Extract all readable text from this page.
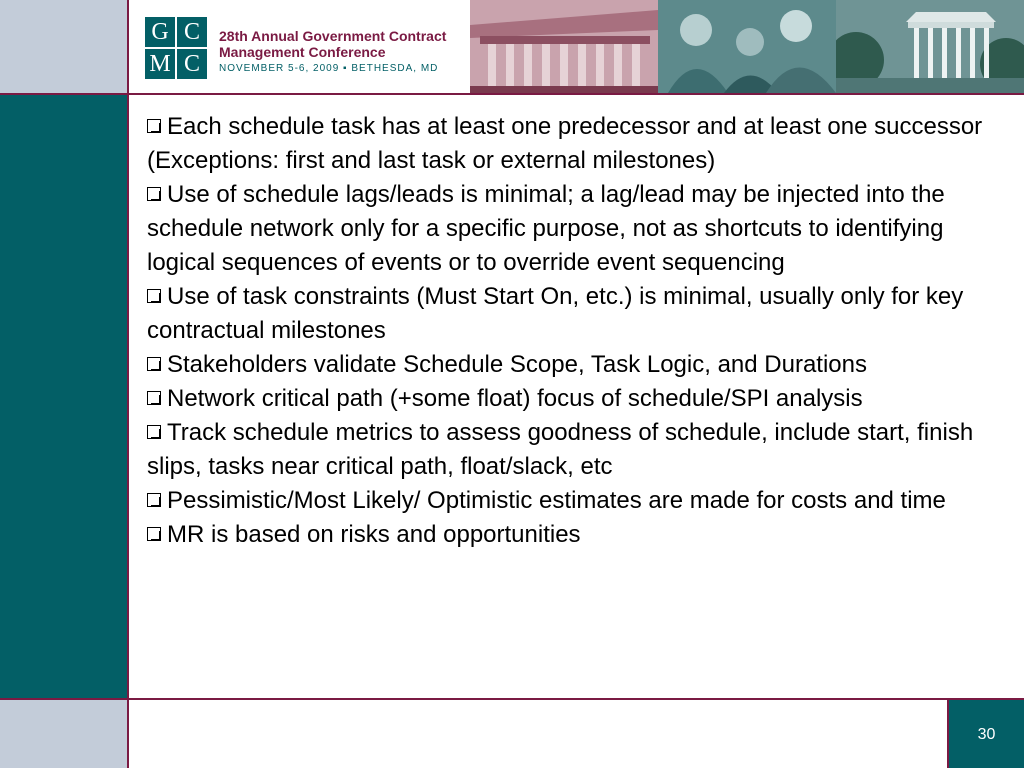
G C
M C
28th Annual Government Contract
Management Conference
NOVEMBER 5-6, 2009 ▪ BETHESDA, MD

Each schedule task has at least one predecessor and at least one successor (Exceptions: first and last task or external milestones)

Use of schedule lags/leads is minimal; a lag/lead may be injected into the schedule network only for a specific purpose, not as shortcuts to identifying logical sequences of events or to override event sequencing

Use of task constraints (Must Start On, etc.) is minimal, usually only for key contractual milestones

Stakeholders validate Schedule Scope, Task Logic, and Durations

Network critical path (+some float) focus of schedule/SPI analysis

Track schedule metrics to assess goodness of schedule, include start, finish slips, tasks near critical path, float/slack, etc

Pessimistic/Most Likely/ Optimistic estimates are made for costs and time

MR is based on risks and opportunities

30
